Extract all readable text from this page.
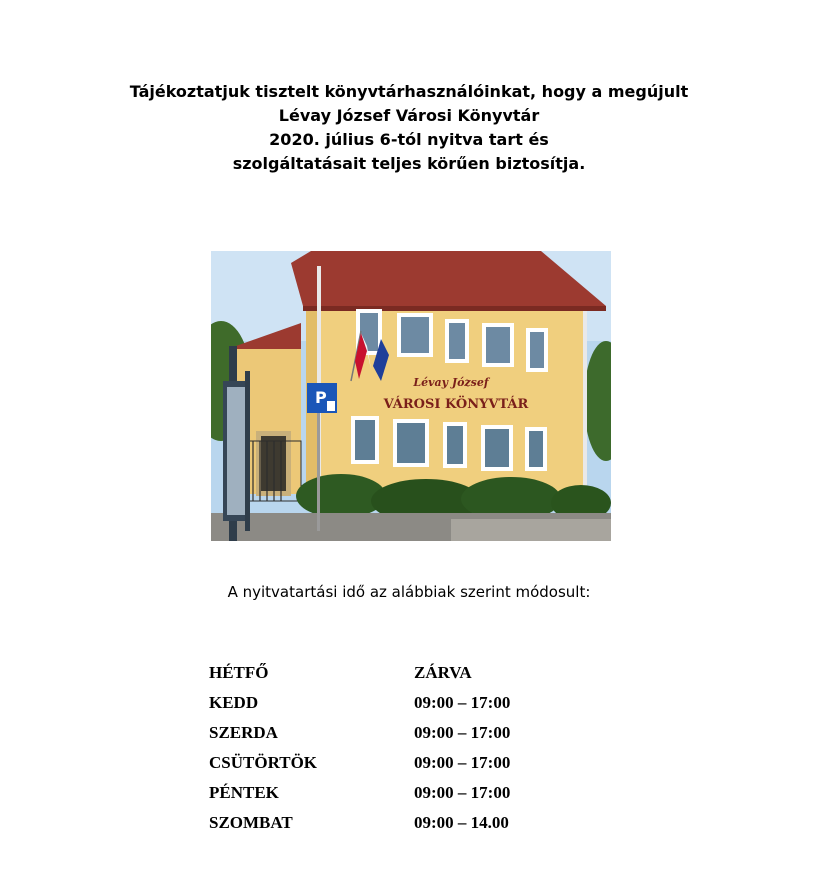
Tájékoztatjuk tisztelt könyvtárhasználóinkat, hogy a megújult
Lévay József Városi Könyvtár
2020. július 6-tól nyitva tart és
szolgáltatásait teljes körűen biztosítja.
Lévay József
VÁROSI KÖNYVTÁR
P
A nyitvatartási idő az alábbiak szerint módosult:
HÉTFŐ	ZÁRVA
KEDD	09:00 – 17:00
SZERDA	09:00 – 17:00
CSÜTÖRTÖK	09:00 – 17:00
PÉNTEK	09:00 – 17:00
SZOMBAT	09:00 – 14.00
